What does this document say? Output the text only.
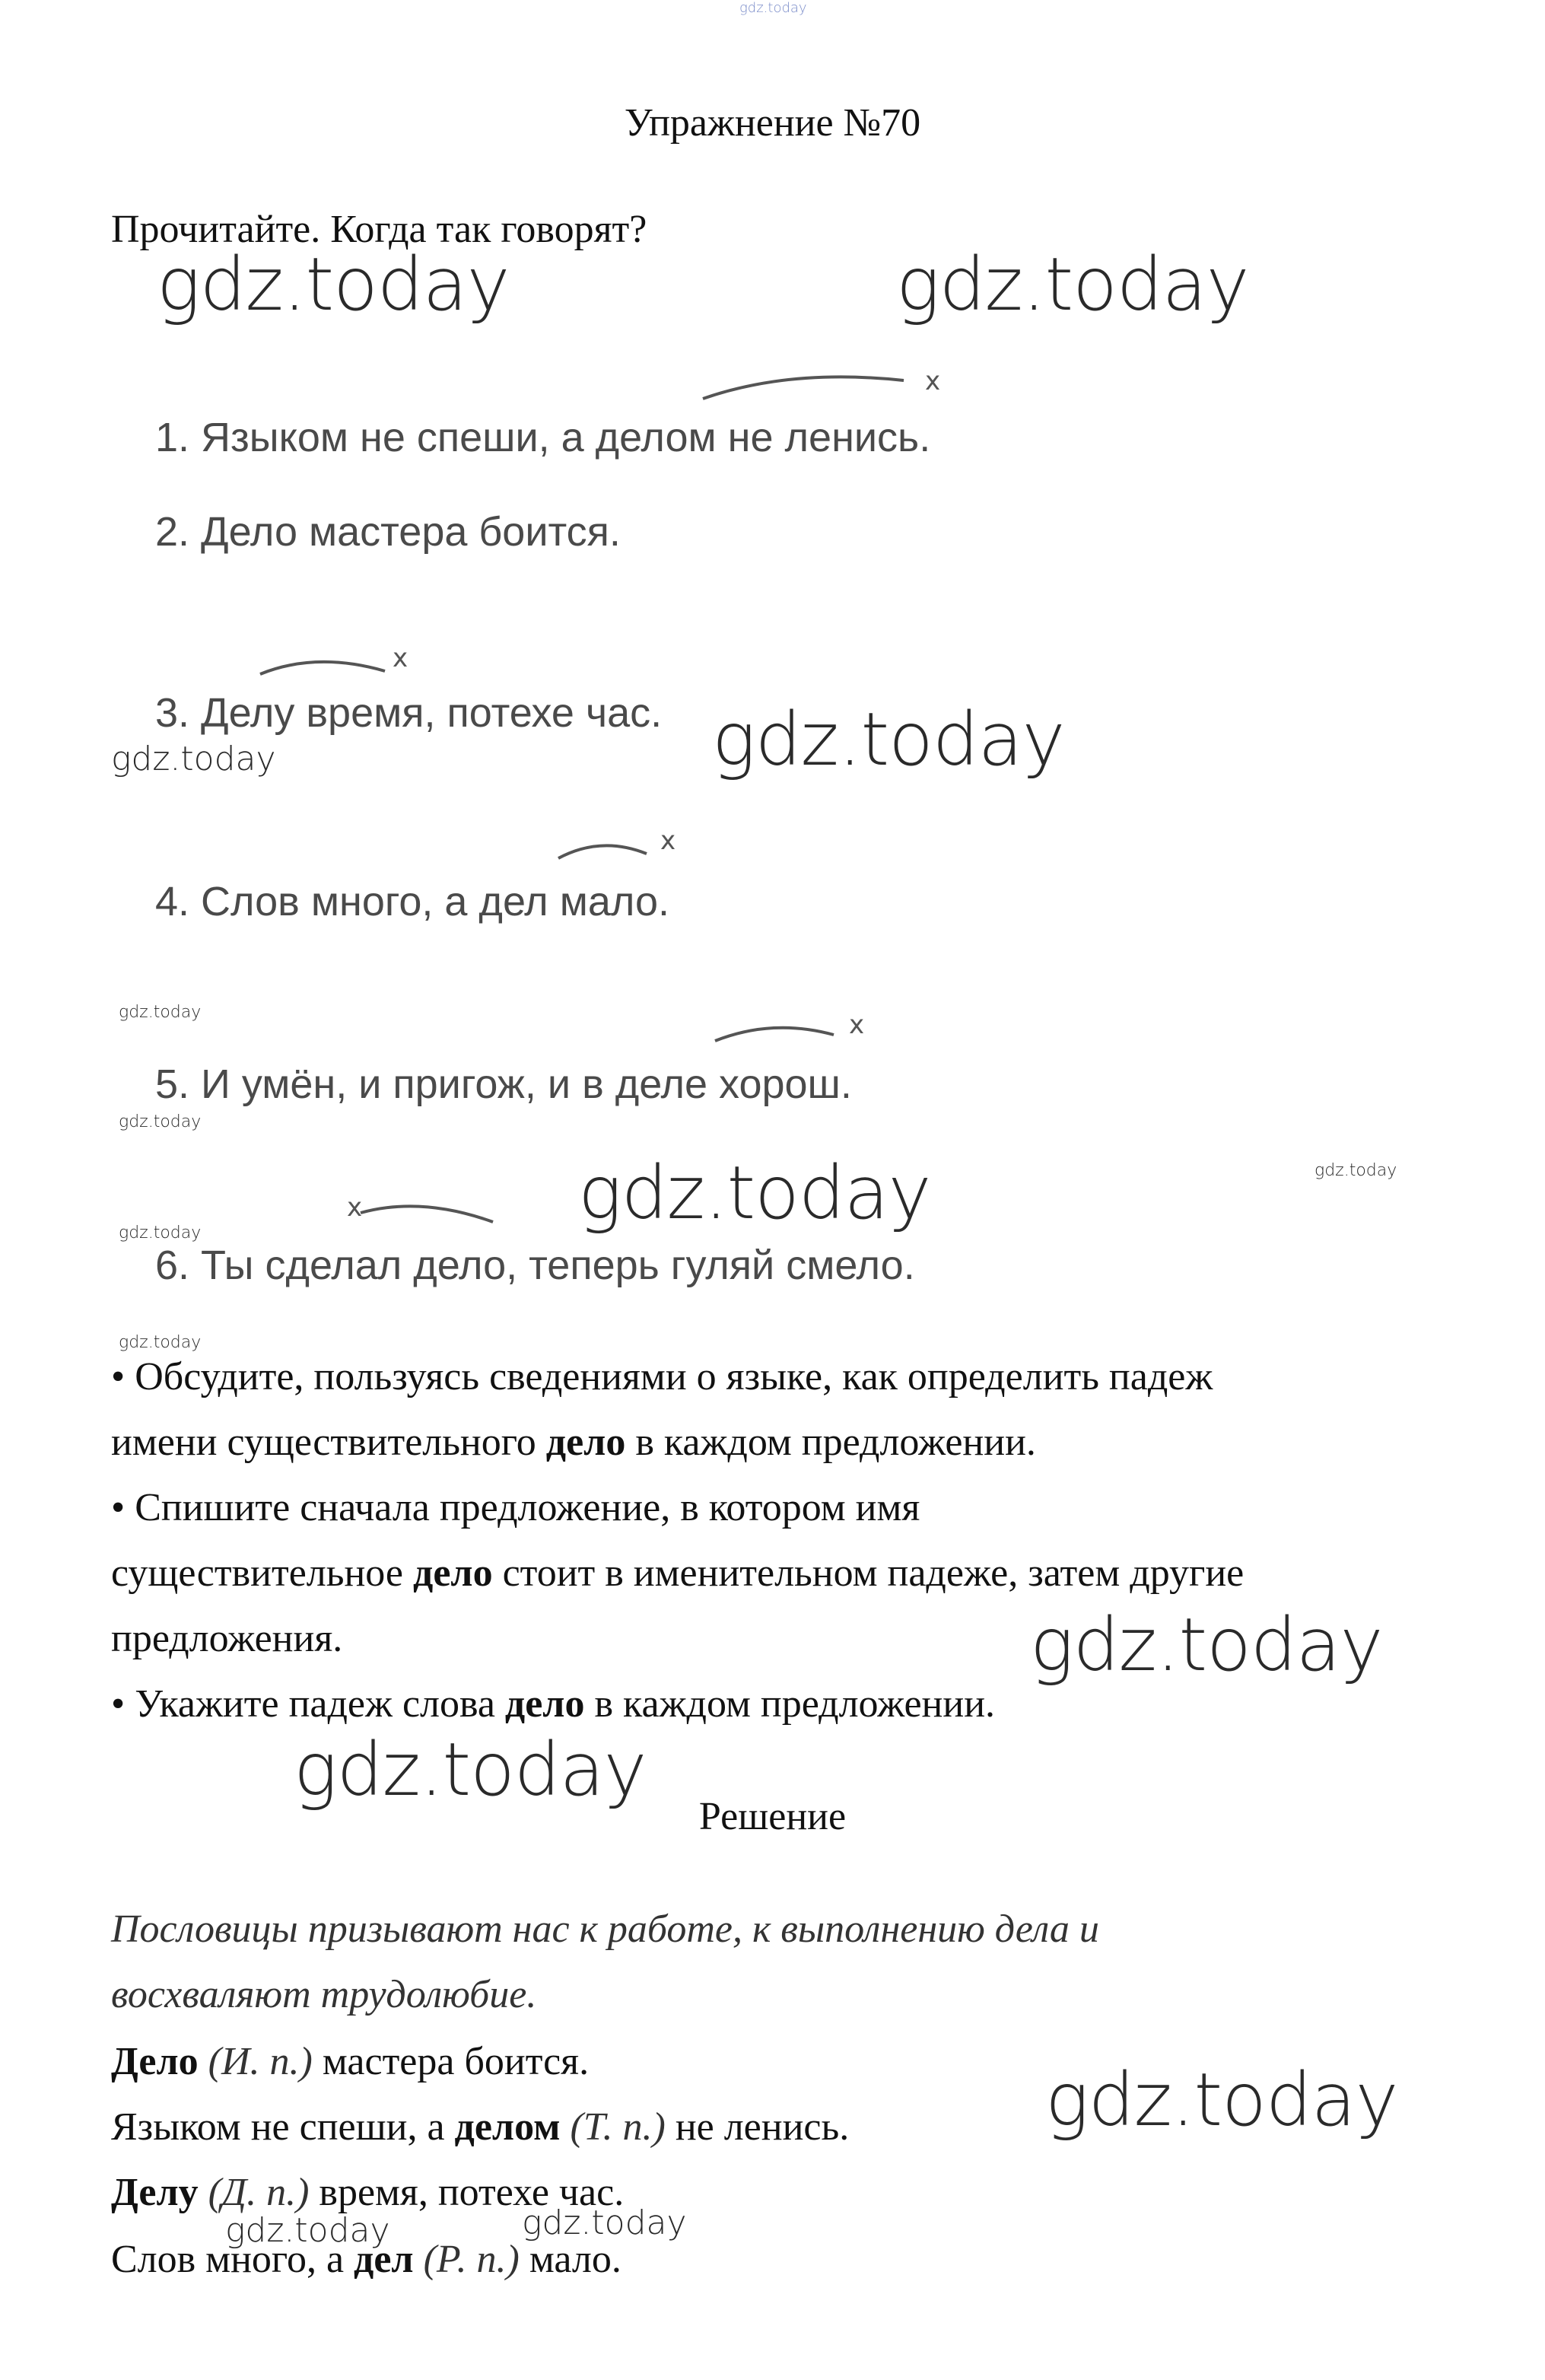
gdz.today
Упражнение №70
Прочитайте. Когда так говорят?
gdz.today	gdz.today
gdz.today
gdz.today
gdz.today
gdz.today
gdz.today
gdz.today
gdz.today	gdz.today
gdz.today
gdz.today
gdz.today
gdz.today
gdz.today
x
1. Языком не спеши, а делом не ленись.
2. Дело мастера боится.
x
3. Делу время, потехе час.
x
4. Слов много, а дел мало.
x
5. И умён, и пригож, и в деле хорош.
x
6. Ты сделал дело, теперь гуляй смело.
• Обсудите, пользуясь сведениями о языке, как определить падеж
имени существительного дело в каждом предложении.
• Спишите сначала предложение, в котором имя
существительное дело стоит в именительном падеже, затем другие
предложения.
• Укажите падеж слова дело в каждом предложении.
Решение
Пословицы призывают нас к работе, к выполнению дела и
восхваляют трудолюбие.
Дело (И. п.) мастера боится.
Языком не спеши, а делом (Т. п.) не ленись.
Делу (Д. п.) время, потехе час.
Слов много, а дел (Р. п.) мало.
